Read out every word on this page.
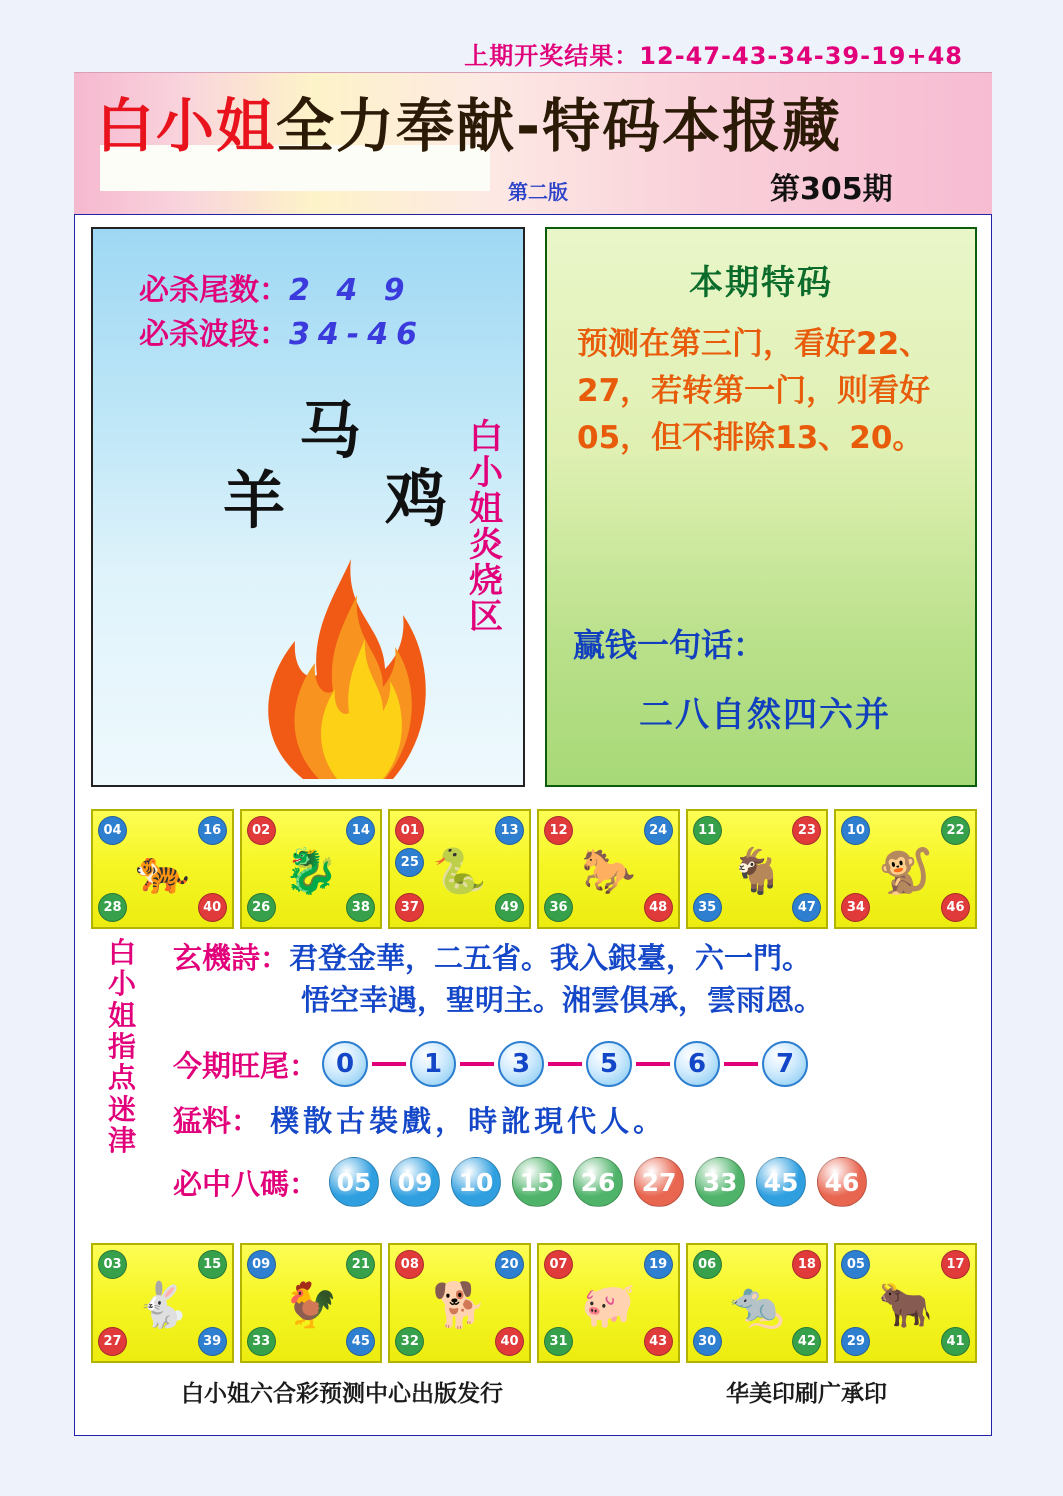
上期开奖结果：12-47-43-34-39-19+48
白小姐全力奉献-特码本报藏
第二版	第305期
必杀尾数：2 4 9
必杀波段：34-46
马
羊 鸡
白小姐炎烧区
本期特码
预测在第三门，看好22、27，若转第一门，则看好05，但不排除13、20。
赢钱一句话：
二八自然四六并
04	16
28	40
🐅
02	14
26	38
🐉
01	13
25
37	49
🐍
12	24
36	48
🐎
11	23
35	47
🐐
10	22
34	46
🐒
白小姐指点迷津
玄機詩：君登金華，二五省。我入銀臺，六一門。
悟空幸遇，聖明主。湘雲俱承，雲雨恩。
今期旺尾： 0	1	3	5	6	7
猛料： 樸散古裝戲，時訛現代人。
必中八碼： 05	09	10	15	26	27	33	45	46
03	15
27	39
🐇
09	21
33	45
🐓
08	20
32	40
🐕
07	19
31	43
🐖
06	18
30	42
🐀
05	17
29	41
🐂
白小姐六合彩预测中心出版发行	华美印刷广承印
